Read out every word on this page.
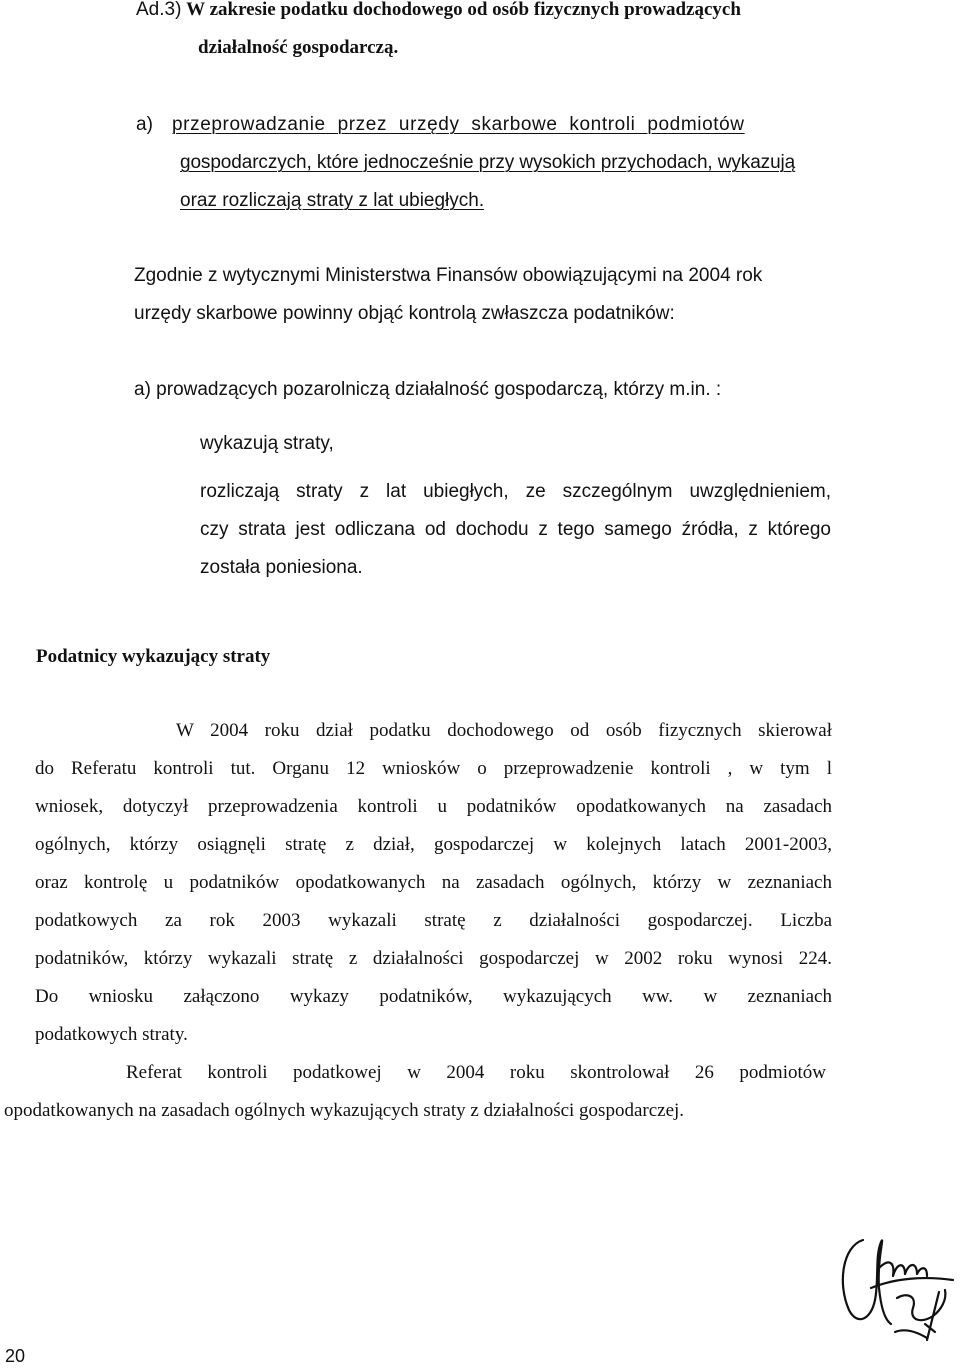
Ad.3) W zakresie podatku dochodowego od osób fizycznych prowadzących
działalność gospodarczą.
a) przeprowadzanie przez urzędy skarbowe kontroli podmiotów
gospodarczych, które jednocześnie przy wysokich przychodach, wykazują
oraz rozliczają straty z lat ubiegłych.
Zgodnie z wytycznymi Ministerstwa Finansów obowiązującymi na 2004 rok
urzędy skarbowe powinny objąć kontrolą zwłaszcza podatników:
a) prowadzących pozarolniczą działalność gospodarczą, którzy m.in. :
wykazują straty,
rozliczają straty z lat ubiegłych, ze szczególnym uwzględnieniem,
czy strata jest odliczana od dochodu z tego samego źródła, z którego
została poniesiona.
Podatnicy wykazujący straty
W 2004 roku dział podatku dochodowego od osób fizycznych skierował
do Referatu kontroli tut. Organu 12 wniosków o przeprowadzenie kontroli , w tym l
wniosek, dotyczył przeprowadzenia kontroli u podatników opodatkowanych na zasadach
ogólnych, którzy osiągnęli stratę z dział, gospodarczej w kolejnych latach 2001-2003,
oraz kontrolę u podatników opodatkowanych na zasadach ogólnych, którzy w zeznaniach
podatkowych za rok 2003 wykazali stratę z działalności gospodarczej. Liczba
podatników, którzy wykazali stratę z działalności gospodarczej w 2002 roku wynosi 224.
Do wniosku załączono wykazy podatników, wykazujących ww. w zeznaniach
podatkowych straty.
Referat kontroli podatkowej w 2004 roku skontrolował 26 podmiotów
opodatkowanych na zasadach ogólnych wykazujących straty z działalności gospodarczej.
20
